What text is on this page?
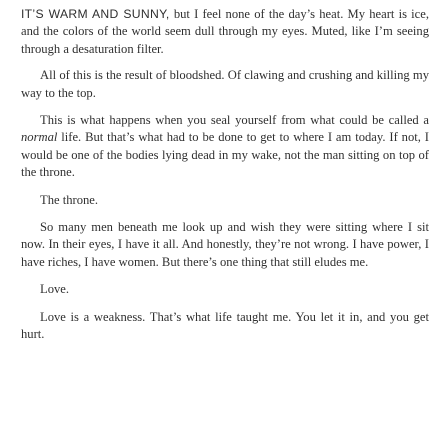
IT’S WARM AND SUNNY, but I feel none of the day’s heat. My heart is ice, and the colors of the world seem dull through my eyes. Muted, like I’m seeing through a desaturation filter.

All of this is the result of bloodshed. Of clawing and crushing and killing my way to the top.

This is what happens when you seal yourself from what could be called a normal life. But that’s what had to be done to get to where I am today. If not, I would be one of the bodies lying dead in my wake, not the man sitting on top of the throne.

The throne.

So many men beneath me look up and wish they were sitting where I sit now. In their eyes, I have it all. And honestly, they’re not wrong. I have power, I have riches, I have women. But there’s one thing that still eludes me.

Love.

Love is a weakness. That’s what life taught me. You let it in, and you get hurt.
